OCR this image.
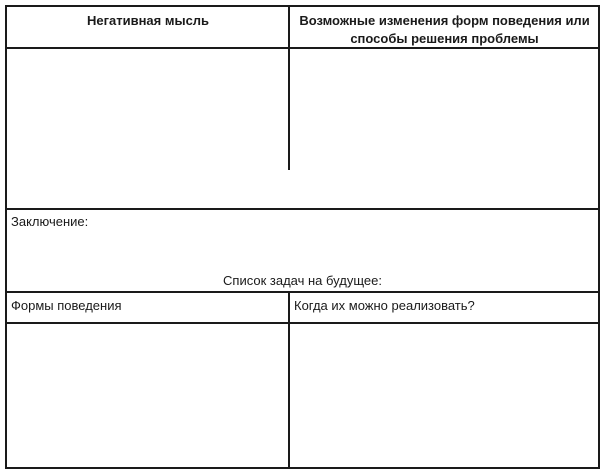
Негативная мысль	Возможные изменения форм поведения или способы решения проблемы
Заключение:
Список задач на будущее:
Формы поведения	Когда их можно реализовать?
